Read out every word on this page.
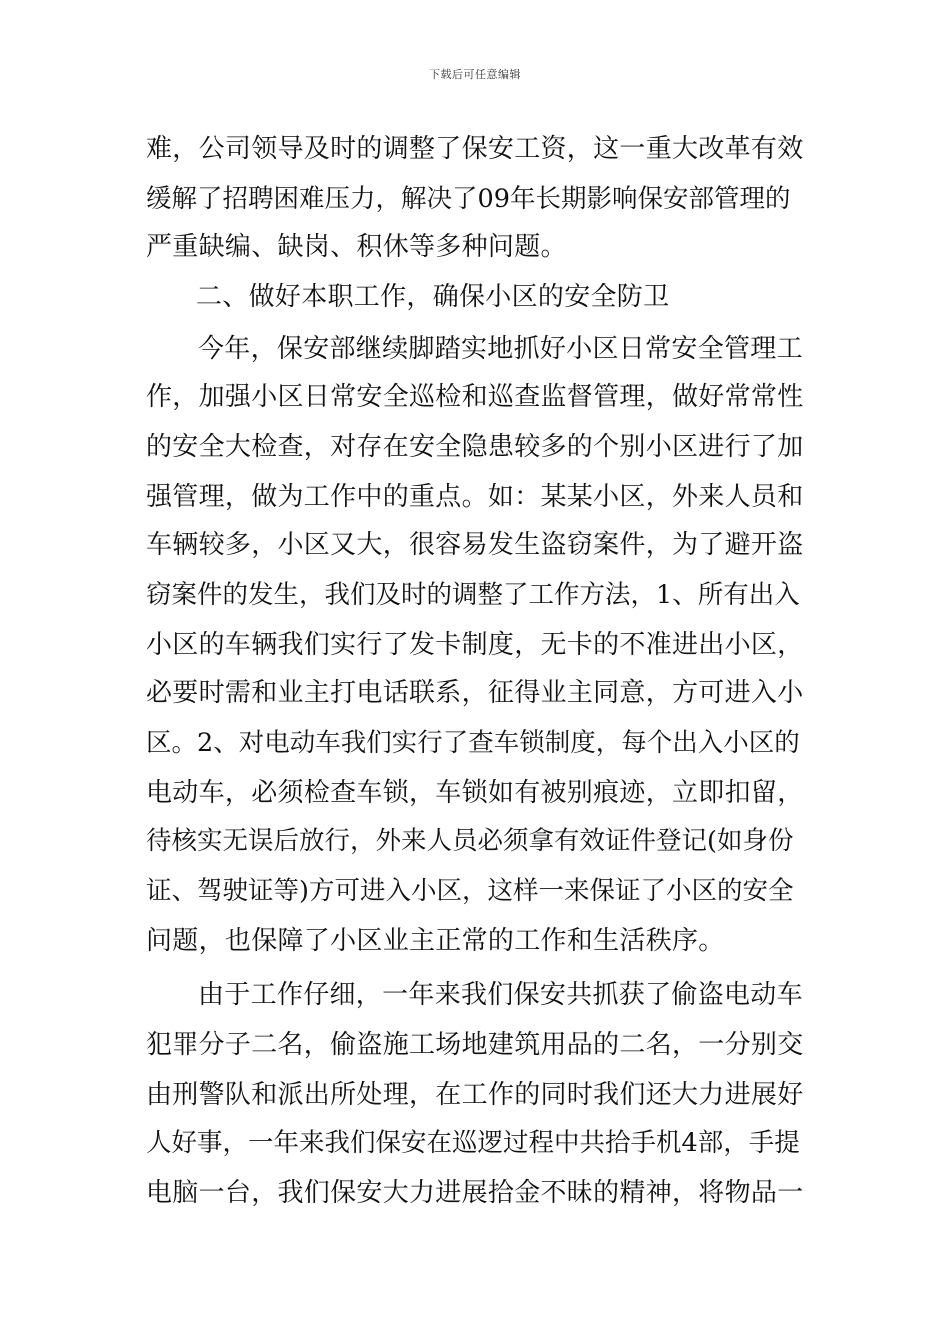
下载后可任意编辑
难，公司领导及时的调整了保安工资，这一重大改革有效
缓解了招聘困难压力，解决了09年长期影响保安部管理的
严重缺编、缺岗、积休等多种问题。
二、做好本职工作，确保小区的安全防卫
今年，保安部继续脚踏实地抓好小区日常安全管理工
作，加强小区日常安全巡检和巡查监督管理，做好常常性
的安全大检查，对存在安全隐患较多的个别小区进行了加
强管理，做为工作中的重点。如：某某小区，外来人员和
车辆较多，小区又大，很容易发生盗窃案件，为了避开盗
窃案件的发生，我们及时的调整了工作方法，1、所有出入
小区的车辆我们实行了发卡制度，无卡的不准进出小区，
必要时需和业主打电话联系，征得业主同意，方可进入小
区。2、对电动车我们实行了查车锁制度，每个出入小区的
电动车，必须检查车锁，车锁如有被别痕迹，立即扣留，
待核实无误后放行，外来人员必须拿有效证件登记(如身份
证、驾驶证等)方可进入小区，这样一来保证了小区的安全
问题，也保障了小区业主正常的工作和生活秩序。
由于工作仔细，一年来我们保安共抓获了偷盗电动车
犯罪分子二名，偷盗施工场地建筑用品的二名，一分别交
由刑警队和派出所处理，在工作的同时我们还大力进展好
人好事，一年来我们保安在巡逻过程中共拾手机4部，手提
电脑一台，我们保安大力进展拾金不昧的精神，将物品一
